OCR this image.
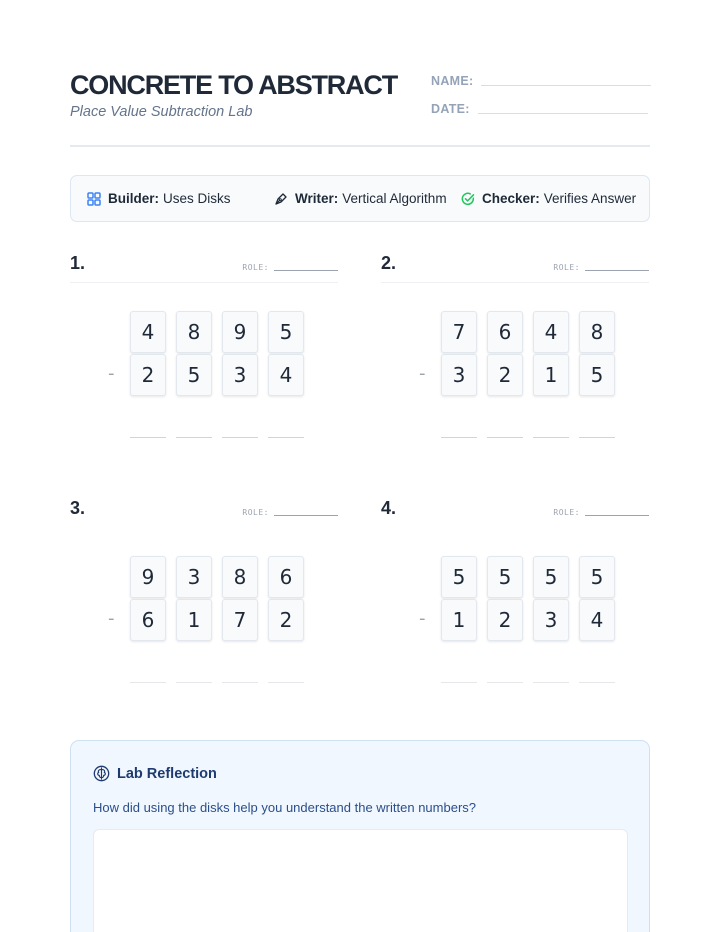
CONCRETE TO ABSTRACT
Place Value Subtraction Lab
NAME:
DATE:
Builder: Uses Disks	Writer: Vertical Algorithm	Checker: Verifies Answer
1.	ROLE:
4	8	9	5
-	2	5	3	4
2.	ROLE:
7	6	4	8
-	3	2	1	5
3.	ROLE:
9	3	8	6
-	6	1	7	2
4.	ROLE:
5	5	5	5
-	1	2	3	4
Lab Reflection
How did using the disks help you understand the written numbers?
